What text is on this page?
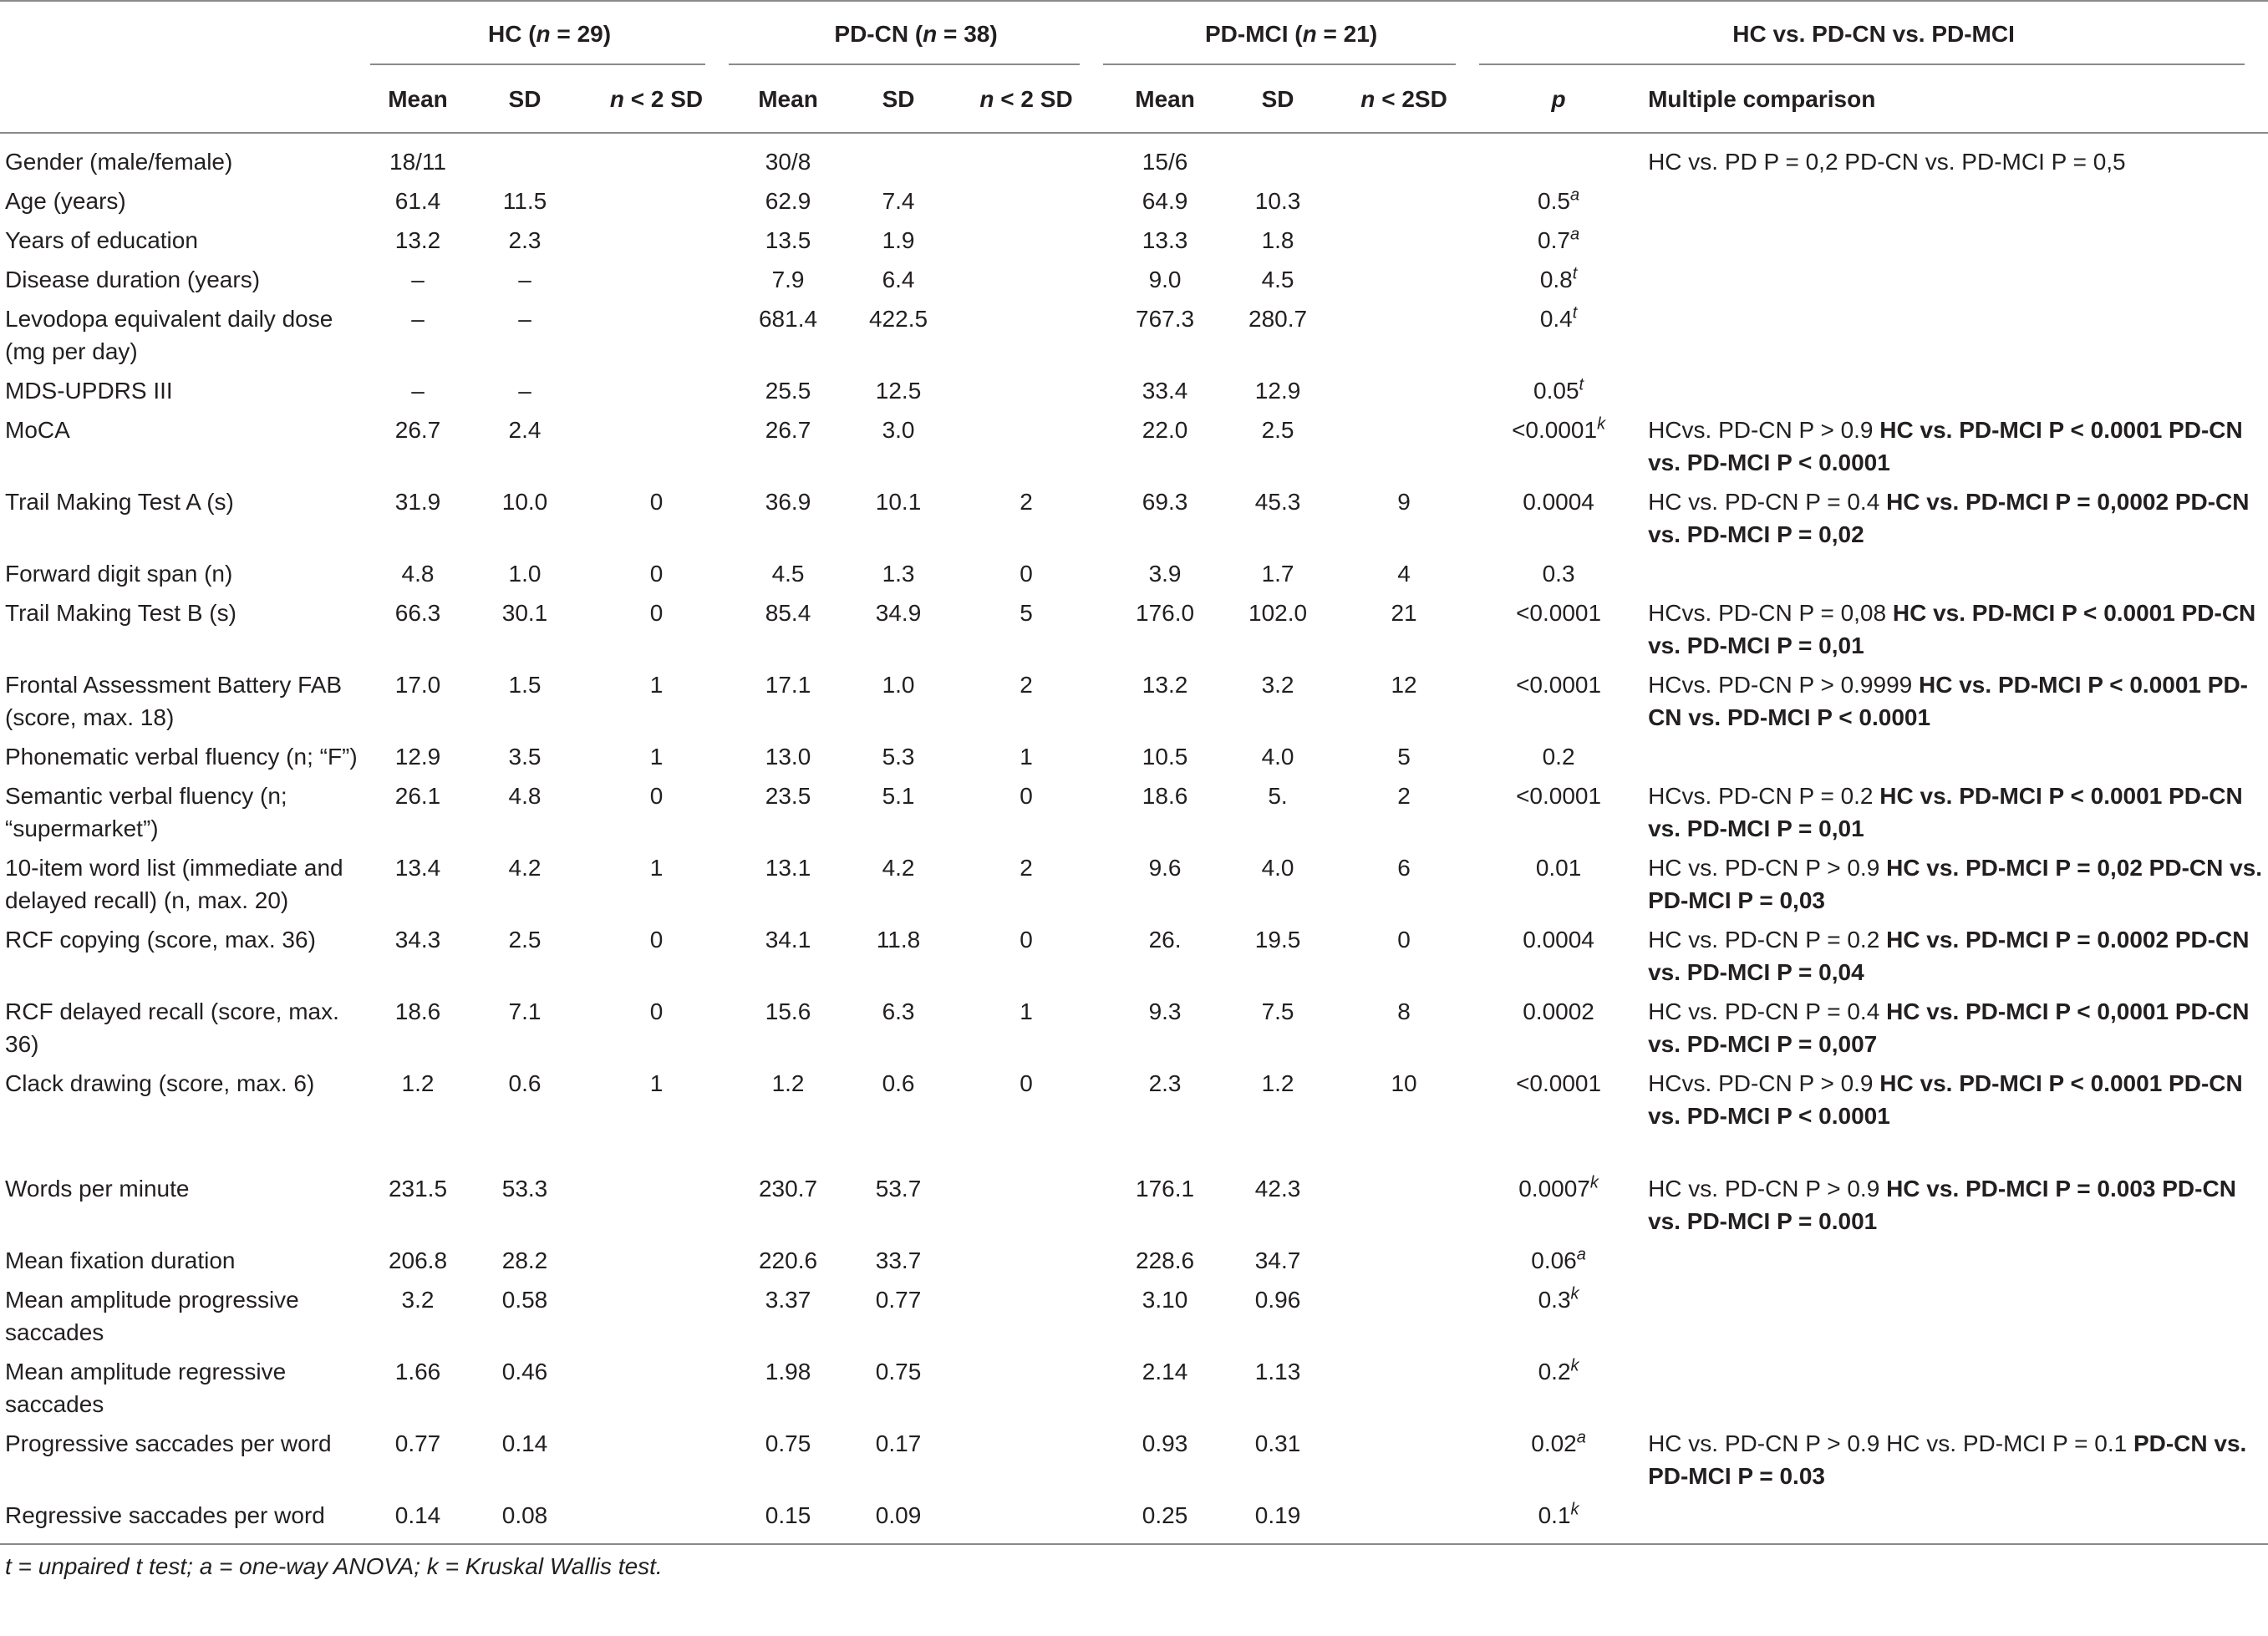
	HC (n = 29)			PD-CN (n = 38)			PD-MCI (n = 21)			HC vs. PD-CN vs. PD-MCI	
	Mean	SD	n < 2 SD	Mean	SD	n < 2 SD	Mean	SD	n < 2SD	p	Multiple comparison
Gender (male/female)	18/11			30/8			15/6				HC vs. PD P = 0,2 PD-CN vs. PD-MCI P = 0,5
Age (years)	61.4	11.5		62.9	7.4		64.9	10.3		0.5$^a$	
Years of education	13.2	2.3		13.5	1.9		13.3	1.8		0.7$^a$	
Disease duration (years)	–	–		7.9	6.4		9.0	4.5		0.8$^t$	
Levodopa equivalent daily dose (mg per day)	–	–		681.4	422.5		767.3	280.7		0.4$^t$	
MDS-UPDRS III	–	–		25.5	12.5		33.4	12.9		0.05$^t$	
MoCA	26.7	2.4		26.7	3.0		22.0	2.5		$<0.0001^k$	HCvs. PD-CN P > 0.9 HC vs. PD-MCI P < 0.0001 PD-CN vs. PD-MCI P < 0.0001
Trail Making Test A (s)	31.9	10.0	0	36.9	10.1	2	69.3	45.3	9	0.0004	HC vs. PD-CN P = 0.4 HC vs. PD-MCI P = 0,0002 PD-CN vs. PD-MCI P = 0,02
Forward digit span (n)	4.8	1.0	0	4.5	1.3	0	3.9	1.7	4	0.3	
Trail Making Test B (s)	66.3	30.1	0	85.4	34.9	5	176.0	102.0	21	<0.0001	HCvs. PD-CN P = 0,08 HC vs. PD-MCI P < 0.0001 PD-CN vs. PD-MCI P = 0,01
Frontal Assessment Battery FAB (score, max. 18)	17.0	1.5	1	17.1	1.0	2	13.2	3.2	12	<0.0001	HCvs. PD-CN P > 0.9999 HC vs. PD-MCI P < 0.0001 PD-CN vs. PD-MCI P < 0.0001
Phonematic verbal fluency (n; “F”)	12.9	3.5	1	13.0	5.3	1	10.5	4.0	5	0.2	
Semantic verbal fluency (n; “supermarket”)	26.1	4.8	0	23.5	5.1	0	18.6	5.	2	<0.0001	HCvs. PD-CN P = 0.2 HC vs. PD-MCI P < 0.0001 PD-CN vs. PD-MCI P = 0,01
10-item word list (immediate and delayed recall) (n, max. 20)	13.4	4.2	1	13.1	4.2	2	9.6	4.0	6	0.01	HC vs. PD-CN P > 0.9 HC vs. PD-MCI P = 0,02 PD-CN vs. PD-MCI P = 0,03
RCF copying (score, max. 36)	34.3	2.5	0	34.1	11.8	0	26.	19.5	0	0.0004	HC vs. PD-CN P = 0.2 HC vs. PD-MCI P = 0.0002 PD-CN vs. PD-MCI P = 0,04
RCF delayed recall (score, max. 36)	18.6	7.1	0	15.6	6.3	1	9.3	7.5	8	0.0002	HC vs. PD-CN P = 0.4 HC vs. PD-MCI P < 0,0001 PD-CN vs. PD-MCI P = 0,007
Clack drawing (score, max. 6)	1.2	0.6	1	1.2	0.6	0	2.3	1.2	10	<0.0001	HCvs. PD-CN P > 0.9 HC vs. PD-MCI P < 0.0001 PD-CN vs. PD-MCI P < 0.0001
Words per minute	231.5	53.3		230.7	53.7		176.1	42.3		0.0007$^k$	HC vs. PD-CN P > 0.9 HC vs. PD-MCI P = 0.003 PD-CN vs. PD-MCI P = 0.001
Mean fixation duration	206.8	28.2		220.6	33.7		228.6	34.7		0.06$^a$	
Mean amplitude progressive saccades	3.2	0.58		3.37	0.77		3.10	0.96		0.3$^k$	
Mean amplitude regressive saccades	1.66	0.46		1.98	0.75		2.14	1.13		0.2$^k$	
Progressive saccades per word	0.77	0.14		0.75	0.17		0.93	0.31		0.02$^a$	HC vs. PD-CN P > 0.9 HC vs. PD-MCI P = 0.1 PD-CN vs. PD-MCI P = 0.03
Regressive saccades per word	0.14	0.08		0.15	0.09		0.25	0.19		0.1$^k$	
t = unpaired t test; a = one-way ANOVA; k = Kruskal Wallis test.
